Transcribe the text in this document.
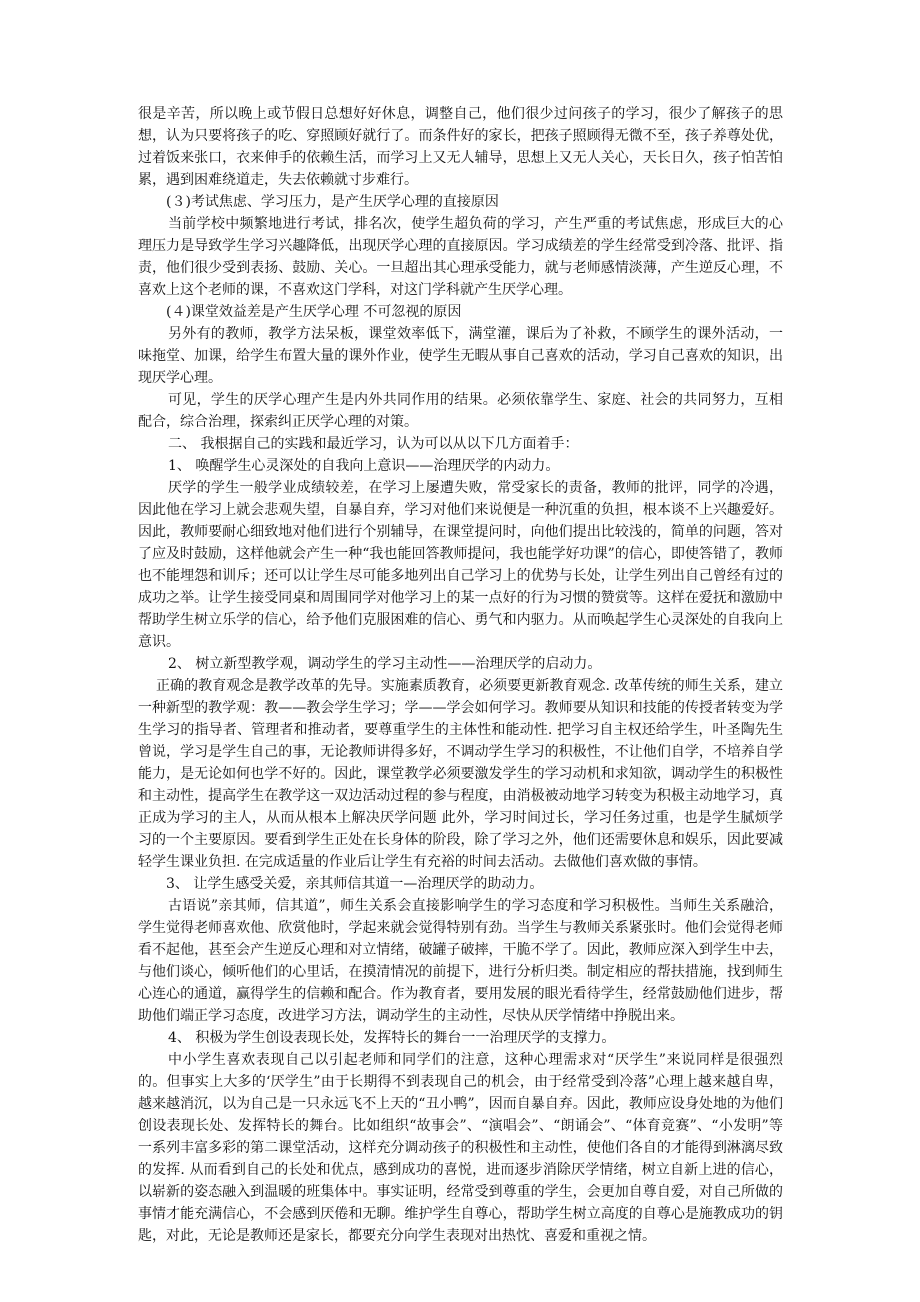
很是辛苦，所以晚上或节假日总想好好休息，调整自己，他们很少过问孩子的学习，很少了解孩子的思想，认为只要将孩子的吃、穿照顾好就行了。而条件好的家长，把孩子照顾得无微不至，孩子养尊处优，过着饭来张口，衣来伸手的依赖生活，而学习上又无人辅导，思想上又无人关心，天长日久，孩子怕苦怕累，遇到困难绕道走，失去依赖就寸步难行。

(３)考试焦虑、学习压力，是产生厌学心理的直接原因

当前学校中频繁地进行考试，排名次，使学生超负荷的学习，产生严重的考试焦虑，形成巨大的心理压力是导致学生学习兴趣降低，出现厌学心理的直接原因。学习成绩差的学生经常受到冷落、批评、指责，他们很少受到表扬、鼓励、关心。一旦超出其心理承受能力，就与老师感情淡薄，产生逆反心理，不喜欢上这个老师的课，不喜欢这门学科，对这门学科就产生厌学心理。

(４)课堂效益差是产生厌学心理 不可忽视的原因

另外有的教师，教学方法呆板，课堂效率低下，满堂灌，课后为了补救，不顾学生的课外活动，一味拖堂、加课，给学生布置大量的课外作业，使学生无暇从事自己喜欢的活动，学习自己喜欢的知识，出现厌学心理。

可见，学生的厌学心理产生是内外共同作用的结果。必须依靠学生、家庭、社会的共同努力，互相配合，综合治理，探索纠正厌学心理的对策。

二、 我根据自己的实践和最近学习，认为可以从以下几方面着手：

1、 唤醒学生心灵深处的自我向上意识——治理厌学的内动力。

厌学的学生一般学业成绩较差，在学习上屡遭失败，常受家长的责备，教师的批评，同学的冷遇，因此他在学习上就会悲观失望，自暴自弃，学习对他们来说便是一种沉重的负担，根本谈不上兴趣爱好。因此，教师要耐心细致地对他们进行个别辅导，在课堂提问时，向他们提出比较浅的，简单的问题，答对了应及时鼓励，这样他就会产生一种“我也能回答教师提问，我也能学好功课”的信心，即使答错了，教师也不能埋怨和训斥；还可以让学生尽可能多地列出自己学习上的优势与长处，让学生列出自己曾经有过的成功之举。让学生接受同桌和周围同学对他学习上的某一点好的行为习惯的赞赏等。这样在爱抚和激励中帮助学生树立乐学的信心，给予他们克服困难的信心、勇气和内驱力。从而唤起学生心灵深处的自我向上意识。

2、 树立新型教学观，调动学生的学习主动性——治理厌学的启动力。

正确的教育观念是教学改革的先导。实施素质教育，必须要更新教育观念. 改革传统的师生关系，建立一种新型的教学观：教——教会学生学习；学——学会如何学习。教师要从知识和技能的传授者转变为学生学习的指导者、管理者和推动者，要尊重学生的主体性和能动性. 把学习自主权还给学生，叶圣陶先生曾说，学习是学生自己的事，无论教师讲得多好，不调动学生学习的积极性，不让他们自学，不培养自学能力，是无论如何也学不好的。因此，课堂教学必须要激发学生的学习动机和求知欲，调动学生的积极性和主动性，提高学生在教学这一双边活动过程的参与程度，由消极被动地学习转变为积极主动地学习，真正成为学习的主人，从而从根本上解决厌学问题 此外，学习时间过长，学习任务过重，也是学生腻烦学习的一个主要原因。要看到学生正处在长身体的阶段，除了学习之外，他们还需要休息和娱乐，因此要减轻学生课业负担. 在完成适量的作业后让学生有充裕的时间去活动。去做他们喜欢做的事情。

3、 让学生感受关爱，亲其师信其道一—治理厌学的助动力。

古语说”亲其师，信其道”，师生关系会直接影响学生的学习态度和学习积极性。当师生关系融洽，学生觉得老师喜欢他、欣赏他时，学起来就会觉得特别有劲。当学生与教师关系紧张时。他们会觉得老师看不起他，甚至会产生逆反心理和对立情绪，破罐子破摔，干脆不学了。因此，教师应深入到学生中去，与他们谈心，倾听他们的心里话，在摸清情况的前提下，进行分析归类。制定相应的帮扶措施，找到师生心连心的通道，赢得学生的信赖和配合。作为教育者，要用发展的眼光看待学生，经常鼓励他们进步，帮助他们端正学习态度，改进学习方法，调动学生的主动性，尽快从厌学情绪中挣脱出来。

4、 积极为学生创设表现长处，发挥特长的舞台一一治理厌学的支撑力。

中小学生喜欢表现自己以引起老师和同学们的注意，这种心理需求对“厌学生”来说同样是很强烈的。但事实上大多的‘厌学生”由于长期得不到表现自己的机会，由于经常受到冷落”心理上越来越自卑，越来越消沉，以为自己是一只永远飞不上天的“丑小鸭”，因而自暴自弃。因此，教师应设身处地的为他们创设表现长处、发挥特长的舞台。比如组织“故事会”、“演唱会”、“朗诵会”、“体育竞赛”、“小发明”等一系列丰富多彩的第二课堂活动，这样充分调动孩子的积极性和主动性，使他们各自的才能得到淋漓尽致的发挥. 从而看到自己的长处和优点，感到成功的喜悦，进而逐步消除厌学情绪，树立自新上进的信心，以崭新的姿态融入到温暖的班集体中。事实证明，经常受到尊重的学生，会更加自尊自爱，对自己所做的事情才能充满信心，不会感到厌倦和无聊。维护学生自尊心，帮助学生树立高度的自尊心是施教成功的钥匙，对此，无论是教师还是家长，都要充分向学生表现对出热忱、喜爱和重视之情。
